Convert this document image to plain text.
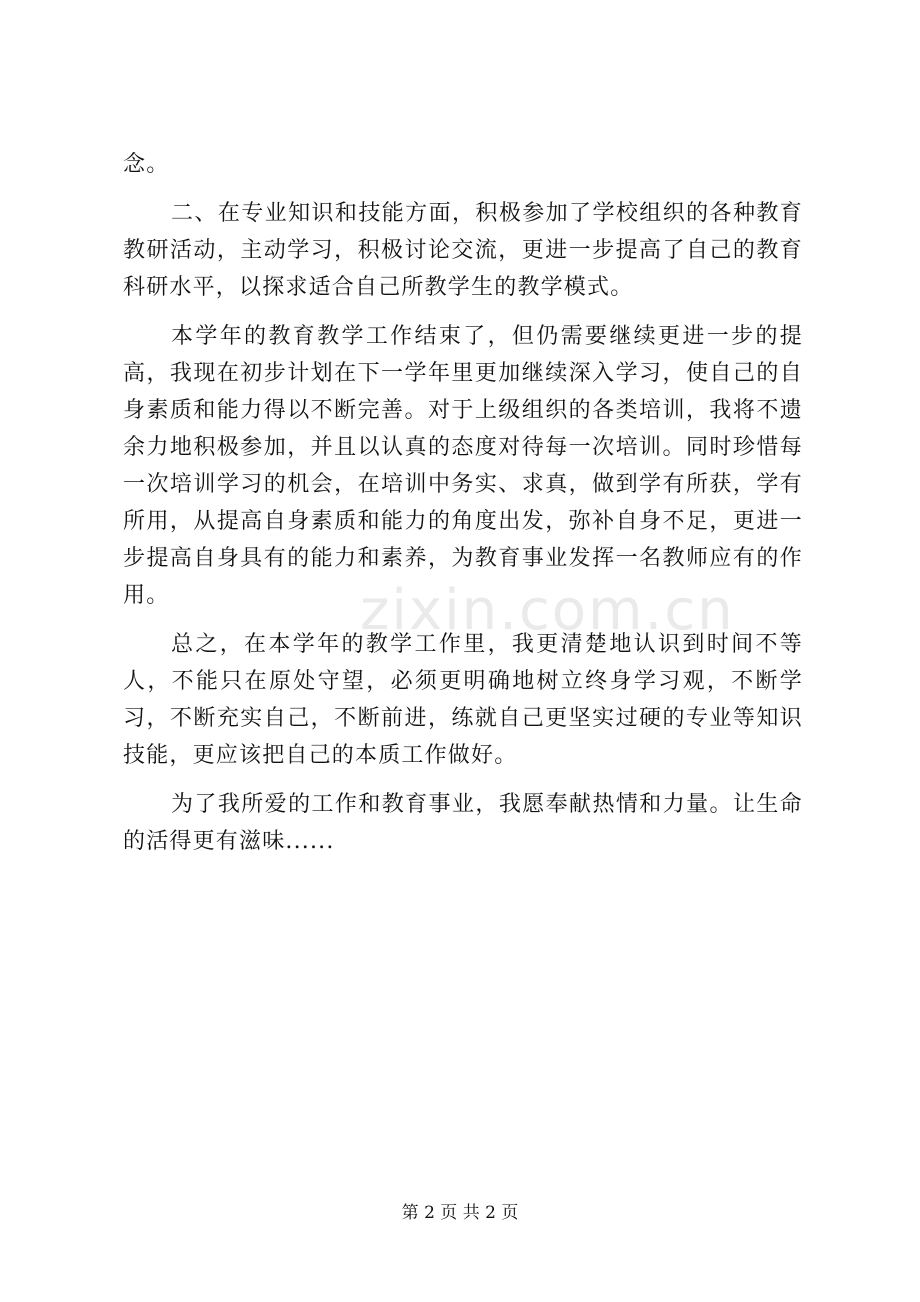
念。

二、在专业知识和技能方面，积极参加了学校组织的各种教育教研活动，主动学习，积极讨论交流，更进一步提高了自己的教育科研水平，以探求适合自己所教学生的教学模式。

本学年的教育教学工作结束了，但仍需要继续更进一步的提高，我现在初步计划在下一学年里更加继续深入学习，使自己的自身素质和能力得以不断完善。对于上级组织的各类培训，我将不遗余力地积极参加，并且以认真的态度对待每一次培训。同时珍惜每一次培训学习的机会，在培训中务实、求真，做到学有所获，学有所用，从提高自身素质和能力的角度出发，弥补自身不足，更进一步提高自身具有的能力和素养，为教育事业发挥一名教师应有的作用。

总之，在本学年的教学工作里，我更清楚地认识到时间不等人，不能只在原处守望，必须更明确地树立终身学习观，不断学习，不断充实自己，不断前进，练就自己更坚实过硬的专业等知识技能，更应该把自己的本质工作做好。

为了我所爱的工作和教育事业，我愿奉献热情和力量。让生命的活得更有滋味......

zixin.com.cn
第 2 页 共 2 页
